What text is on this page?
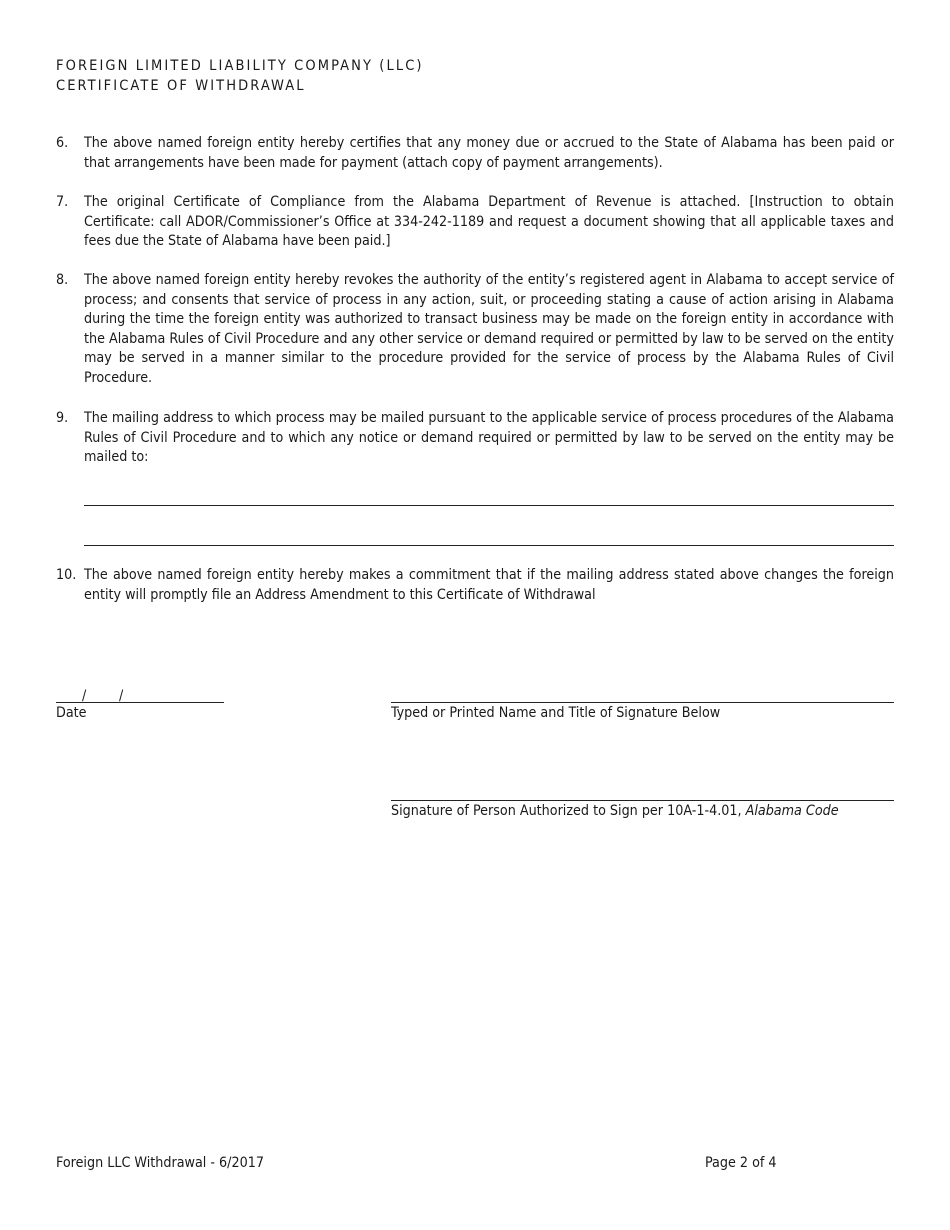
FOREIGN LIMITED LIABILITY COMPANY (LLC)
CERTIFICATE OF WITHDRAWAL
6.	The above named foreign entity hereby certifies that any money due or accrued to the State of Alabama has been paid or that arrangements have been made for payment (attach copy of payment arrangements).
7.	The original Certificate of Compliance from the Alabama Department of Revenue is attached. [Instruction to obtain Certificate: call ADOR/Commissioner’s Office at 334-242-1189 and request a document showing that all applicable taxes and fees due the State of Alabama have been paid.]
8.	The above named foreign entity hereby revokes the authority of the entity’s registered agent in Alabama to accept service of process; and consents that service of process in any action, suit, or proceeding stating a cause of action arising in Alabama during the time the foreign entity was authorized to transact business may be made on the foreign entity in accordance with the Alabama Rules of Civil Procedure and any other service or demand required or permitted by law to be served on the entity may be served in a manner similar to the procedure provided for the service of process by the Alabama Rules of Civil Procedure.
9.	The mailing address to which process may be mailed pursuant to the applicable service of process procedures of the Alabama Rules of Civil Procedure and to which any notice or demand required or permitted by law to be served on the entity may be mailed to:
10. The above named foreign entity hereby makes a commitment that if the mailing address stated above changes the foreign entity will promptly file an Address Amendment to this Certificate of Withdrawal
/ /
Date	Typed or Printed Name and Title of Signature Below
Signature of Person Authorized to Sign per 10A-1-4.01, Alabama Code
Foreign LLC Withdrawal - 6/2017	Page 2 of 4
